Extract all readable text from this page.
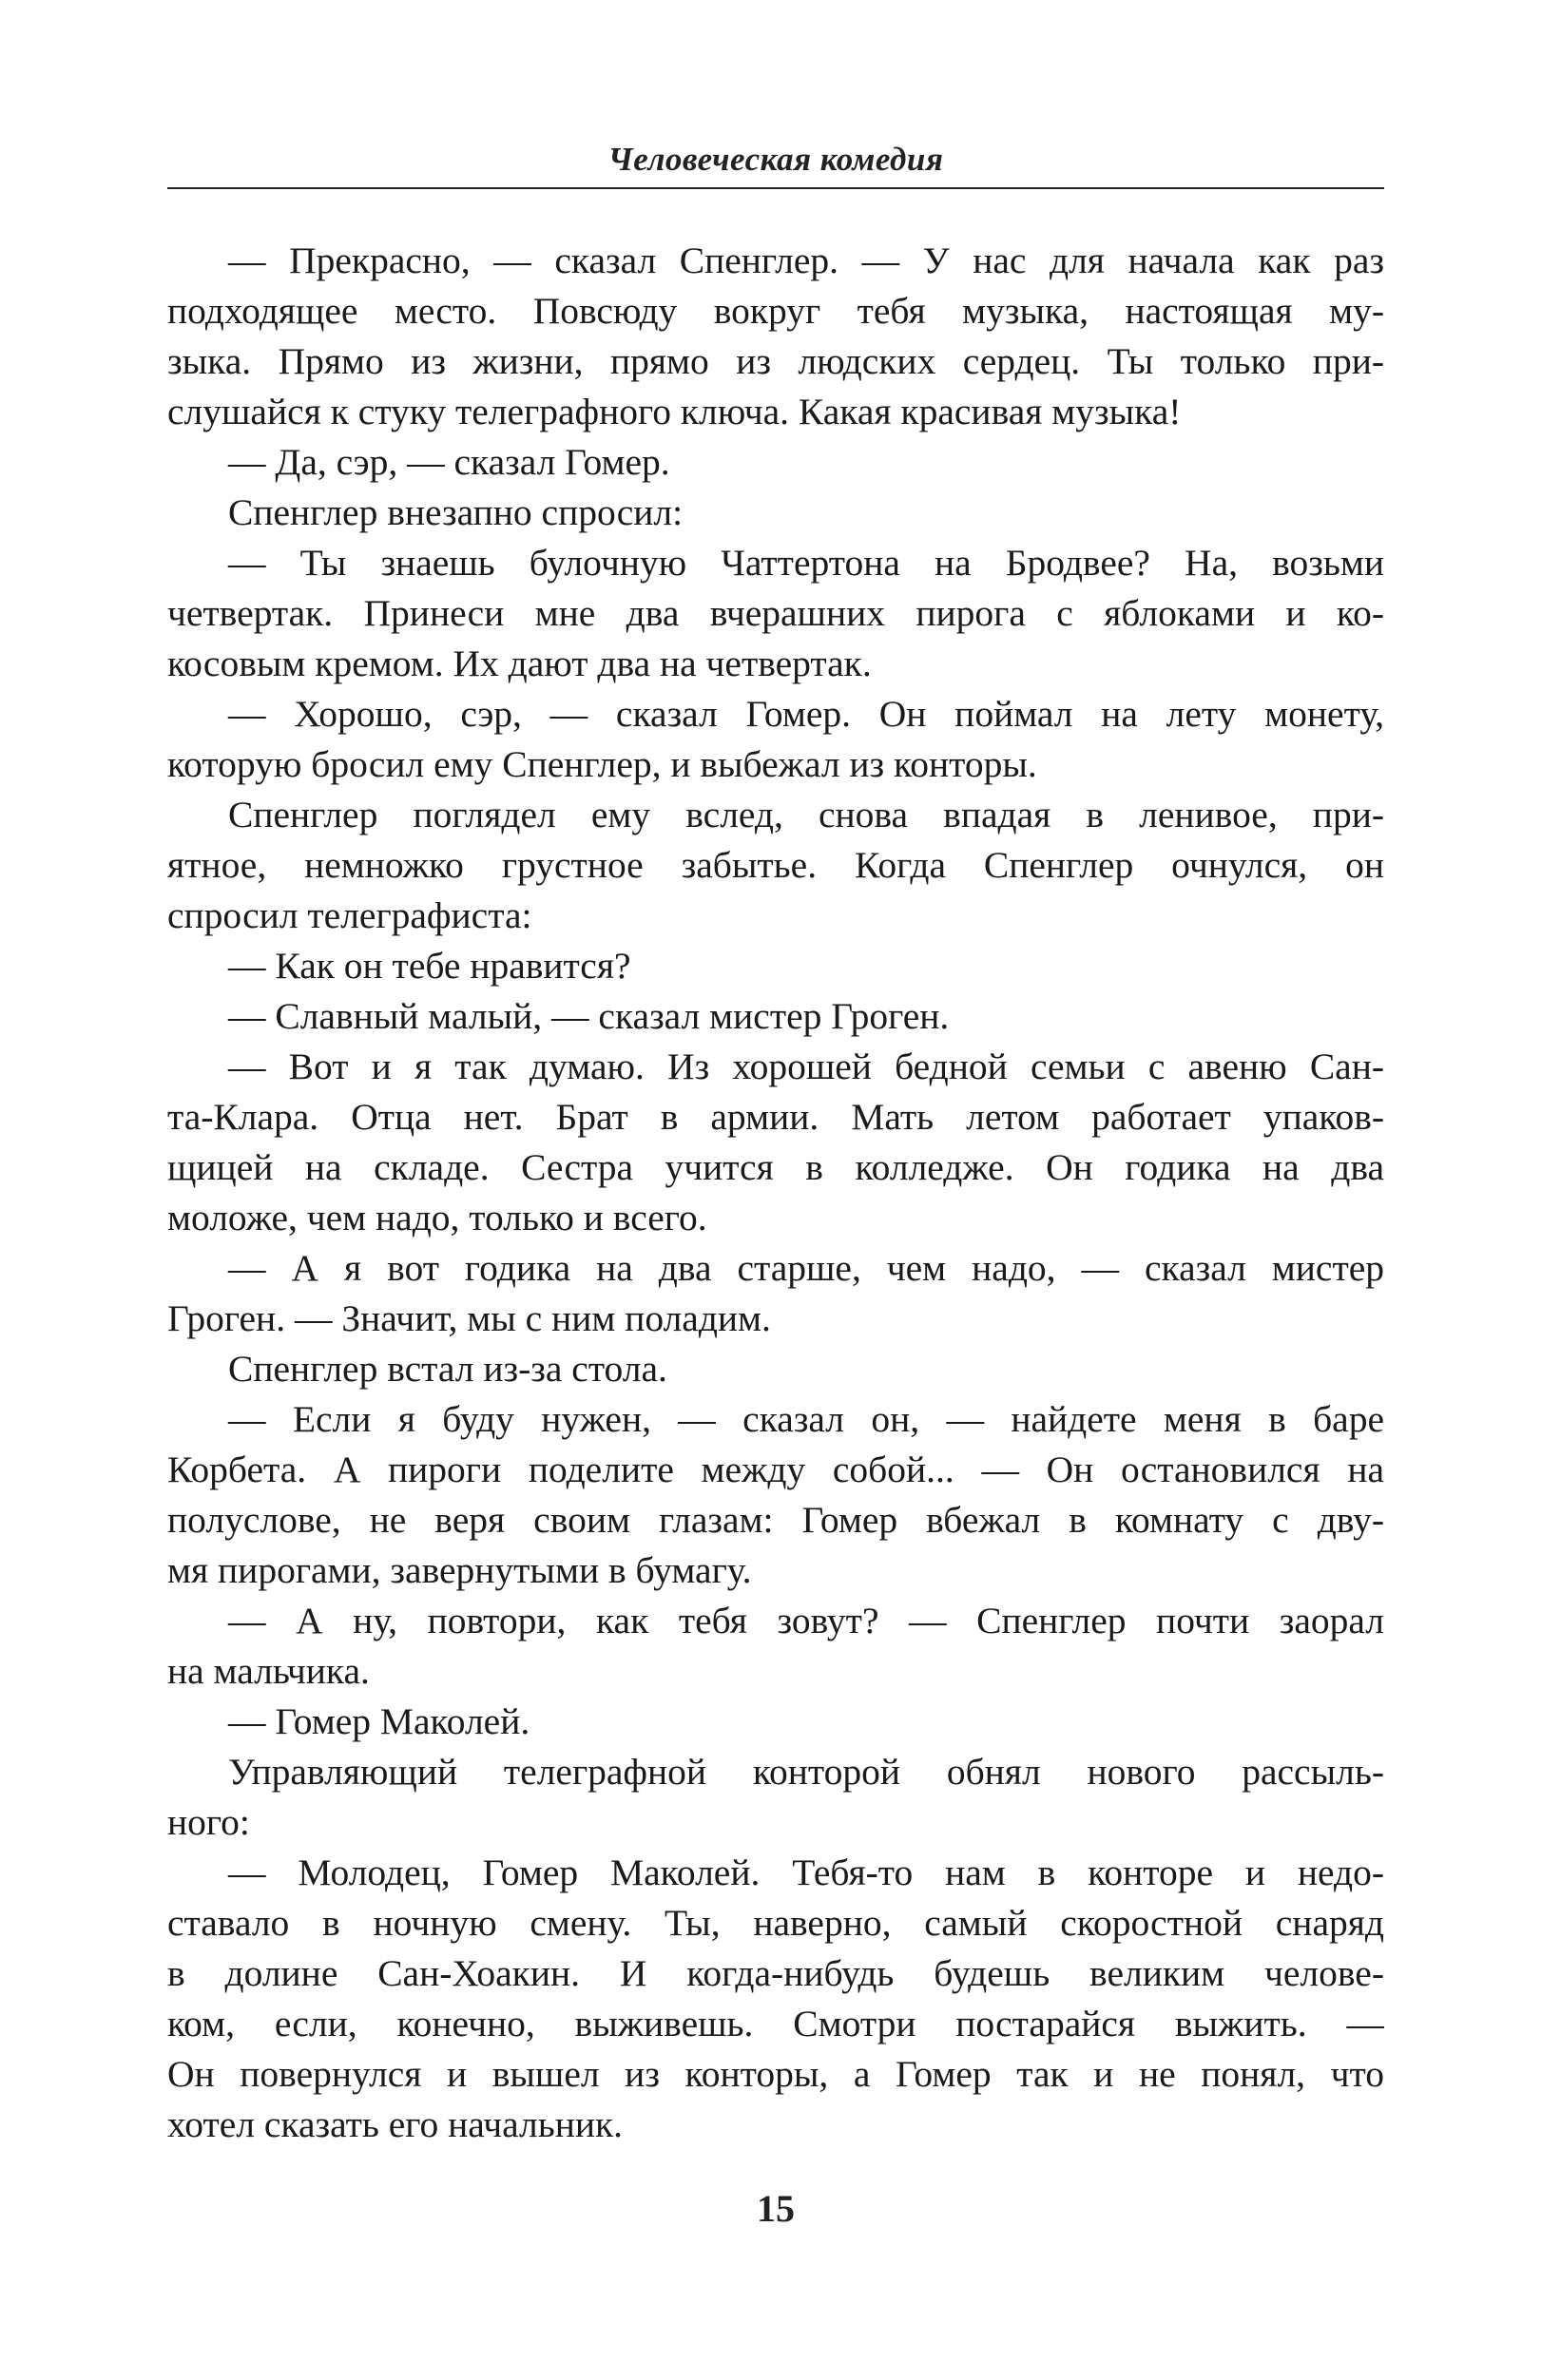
Человеческая комедия
— Прекрасно, — сказал Спенглер. — У нас для начала как раз
подходящее место. Повсюду вокруг тебя музыка, настоящая му-
зыка. Прямо из жизни, прямо из людских сердец. Ты только при-
слушайся к стуку телеграфного ключа. Какая красивая музыка!
— Да, сэр, — сказал Гомер.
Спенглер внезапно спросил:
— Ты знаешь булочную Чаттертона на Бродвее? На, возьми
четвертак. Принеси мне два вчерашних пирога с яблоками и ко-
косовым кремом. Их дают два на четвертак.
— Хорошо, сэр, — сказал Гомер. Он поймал на лету монету,
которую бросил ему Спенглер, и выбежал из конторы.
Спенглер поглядел ему вслед, снова впадая в ленивое, при-
ятное, немножко грустное забытье. Когда Спенглер очнулся, он
спросил телеграфиста:
— Как он тебе нравится?
— Славный малый, — сказал мистер Гроген.
— Вот и я так думаю. Из хорошей бедной семьи с авеню Сан-
та-Клара. Отца нет. Брат в армии. Мать летом работает упаков-
щицей на складе. Сестра учится в колледже. Он годика на два
моложе, чем надо, только и всего.
— А я вот годика на два старше, чем надо, — сказал мистер
Гроген. — Значит, мы с ним поладим.
Спенглер встал из-за стола.
— Если я буду нужен, — сказал он, — найдете меня в баре
Корбета. А пироги поделите между собой... — Он остановился на
полуслове, не веря своим глазам: Гомер вбежал в комнату с дву-
мя пирогами, завернутыми в бумагу.
— А ну, повтори, как тебя зовут? — Спенглер почти заорал
на мальчика.
— Гомер Маколей.
Управляющий телеграфной конторой обнял нового рассыль-
ного:
— Молодец, Гомер Маколей. Тебя-то нам в конторе и недо-
ставало в ночную смену. Ты, наверно, самый скоростной снаряд
в долине Сан-Хоакин. И когда-нибудь будешь великим челове-
ком, если, конечно, выживешь. Смотри постарайся выжить. —
Он повернулся и вышел из конторы, а Гомер так и не понял, что
хотел сказать его начальник.
15
